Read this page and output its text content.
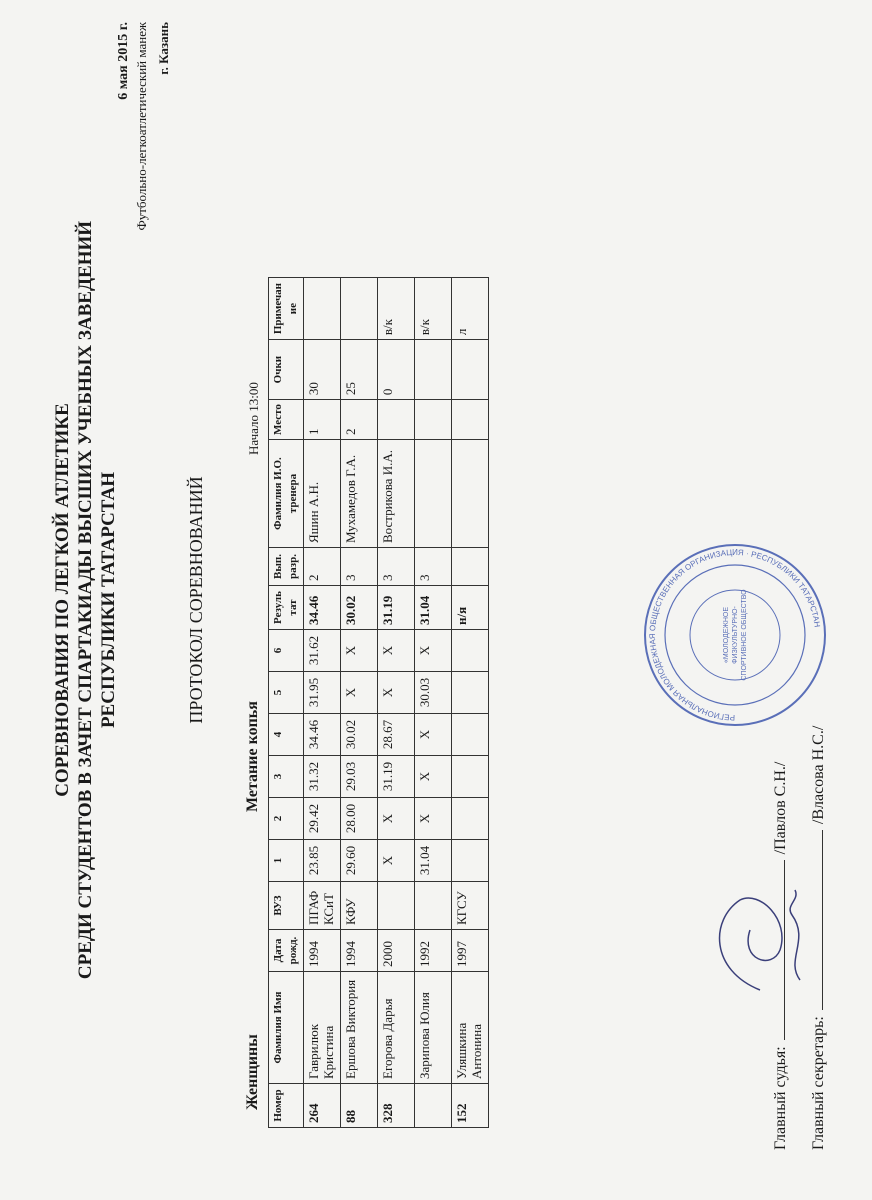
СОРЕВНОВАНИЯ ПО ЛЕГКОЙ АТЛЕТИКЕ СРЕДИ СТУДЕНТОВ В ЗАЧЕТ СПАРТАКИАДЫ ВЫСШИХ УЧЕБНЫХ ЗАВЕДЕНИЙ РЕСПУБЛИКИ ТАТАРСТАН
6 мая 2015 г. Футбольно-легкоатлетический манеж г. Казань
ПРОТОКОЛ СОРЕВНОВАНИЙ
Женщины
Метание копья
Начало 13:00
Номер	Фамилия Имя	Дата рожд.	ВУЗ	1	2	3	4	5	6	Резуль тат	Вып. разр.	Фамилия И.О. тренера	Место	Очки	Примечан ие
264	Гаврилюк Кристина	1994	ПГАФ КСиТ	23.85	29.42	31.32	34.46	31.95	31.62	34.46	2	Яшин А.Н.	1	30	
88	Ершова Виктория	1994	КФУ	29.60	28.00	29.03	30.02	X	X	30.02	3	Мухамедов Г.А.	2	25	
328	Егорова Дарья	2000		X	X	31.19	28.67	X	X	31.19	3	Вострикова И.А.		0	в/к
	Зарипова Юлия	1992		31.04	X	X	X	30.03	X	31.04	3				в/к
152	Уляшкина Антонина	1997	КГСУ							н/я					л
Главный судья:  /Павлов С.Н./
Главный секретарь:  /Власова Н.С./
РЕГИОНАЛЬНАЯ МОЛОДЕЖНАЯ ОБЩЕСТВЕННАЯ ОРГАНИЗАЦИЯ · РЕСПУБЛИКИ ТАТАРСТАН
«МОЛОДЕЖНОЕ ФИЗКУЛЬТУРНО- СПОРТИВНОЕ ОБЩЕСТВО
